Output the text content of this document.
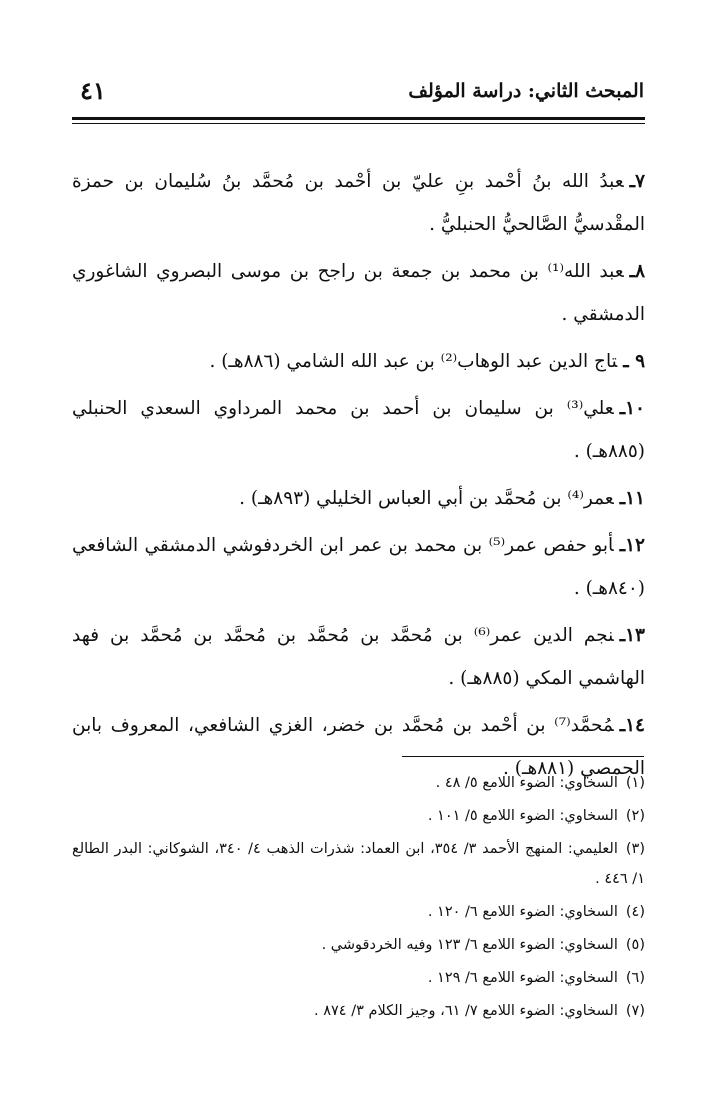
المبحث الثاني: دراسة المؤلف
٤١

٧ـعبدُ الله بنُ أحْمد بنِ عليّ بن أحْمد بن مُحمَّد بنُ سُليمان بن حمزة المقْدسيُّ الصَّالحيُّ الحنبليُّ .

٨ـعبد الله⁽¹⁾ بن محمد بن جمعة بن راجح بن موسى البصروي الشاغوري الدمشقي .

٩ ـتاج الدين عبد الوهاب⁽²⁾ بن عبد الله الشامي (٨٨٦هـ) .

١٠ـعلي⁽³⁾ بن سليمان بن أحمد بن محمد المرداوي السعدي الحنبلي (٨٨٥هـ) .

١١ـعمر⁽⁴⁾ بن مُحمَّد بن أبي العباس الخليلي (٨٩٣هـ) .

١٢ـأبو حفص عمر⁽⁵⁾ بن محمد بن عمر ابن الخردفوشي الدمشقي الشافعي (٨٤٠هـ) .

١٣ـنجم الدين عمر⁽⁶⁾ بن مُحمَّد بن مُحمَّد بن مُحمَّد بن مُحمَّد بن فهد الهاشمي المكي (٨٨٥هـ) .

١٤ـمُحمَّد⁽⁷⁾ بن أحْمد بن مُحمَّد بن خضر، الغزي الشافعي، المعروف بابن الحمصي (٨٨١هـ) .

(١)السخاوي: الضوء اللامع ٥/ ٤٨ .

(٢)السخاوي: الضوء اللامع ٥/ ١٠١ .

(٣)العليمي: المنهج الأحمد ٣/ ٣٥٤، ابن العماد: شذرات الذهب ٤/ ٣٤٠، الشوكاني: البدر الطالع ١/ ٤٤٦ .

(٤)السخاوي: الضوء اللامع ٦/ ١٢٠ .

(٥)السخاوي: الضوء اللامع ٦/ ١٢٣ وفيه الخردقوشي .

(٦)السخاوي: الضوء اللامع ٦/ ١٢٩ .

(٧)السخاوي: الضوء اللامع ٧/ ٦١، وجيز الكلام ٣/ ٨٧٤ .
